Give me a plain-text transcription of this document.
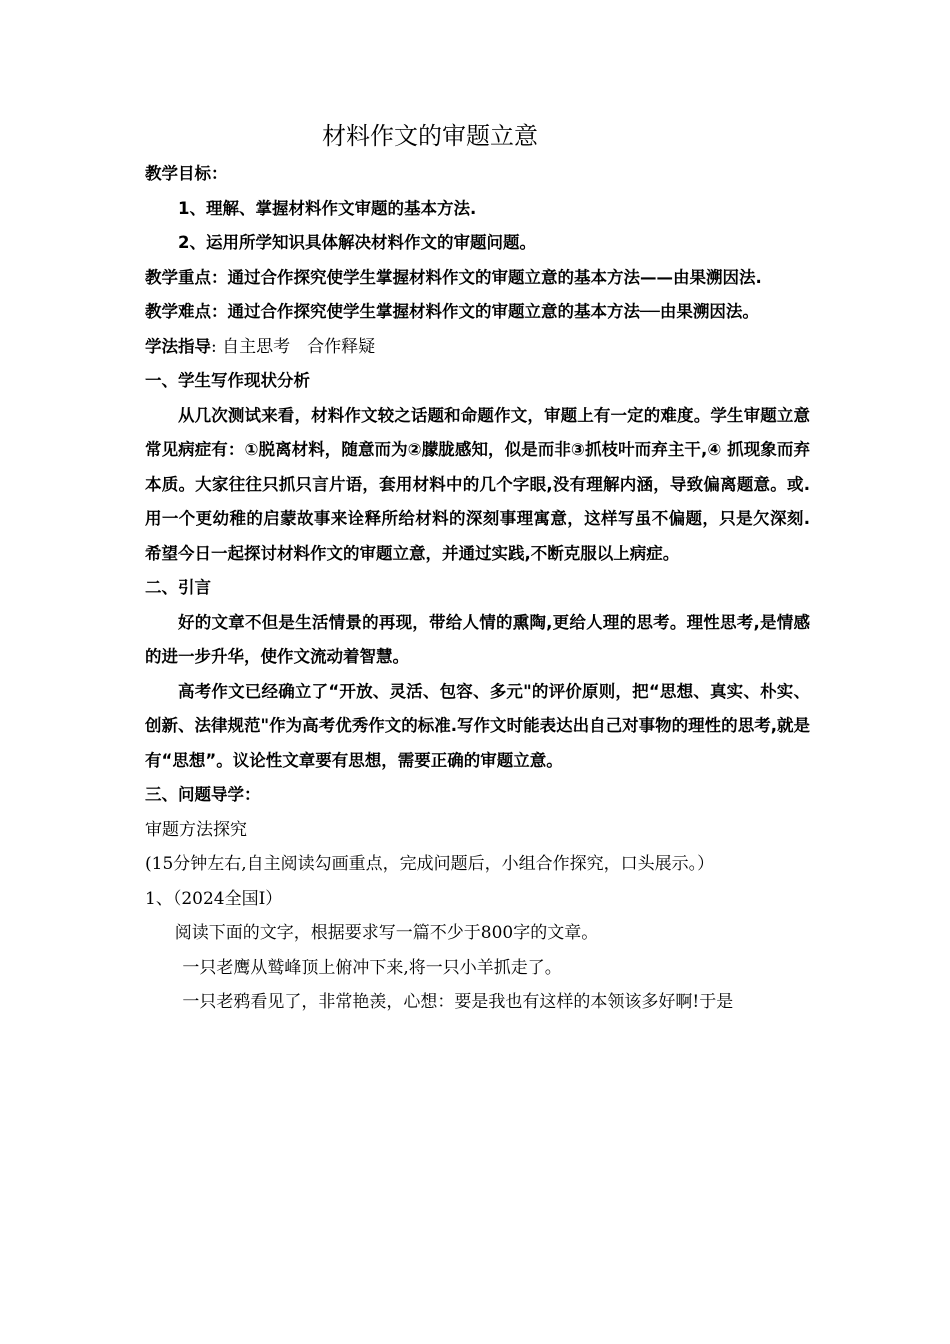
材料作文的审题立意

教学目标：

1、理解、掌握材料作文审题的基本方法.

2、运用所学知识具体解决材料作文的审题问题。

教学重点：通过合作探究使学生掌握材料作文的审题立意的基本方法——由果溯因法.

教学难点：通过合作探究使学生掌握材料作文的审题立意的基本方法──由果溯因法。

学法指导: 自主思考　合作释疑

一、学生写作现状分析

从几次测试来看，材料作文较之话题和命题作文，审题上有一定的难度。学生审题立意常见病症有：①脱离材料，随意而为②朦胧感知，似是而非③抓枝叶而弃主干,④ 抓现象而弃本质。大家往往只抓只言片语，套用材料中的几个字眼,没有理解内涵，导致偏离题意。或.用一个更幼稚的启蒙故事来诠释所给材料的深刻事理寓意，这样写虽不偏题，只是欠深刻.希望今日一起探讨材料作文的审题立意，并通过实践,不断克服以上病症。

二、引言

好的文章不但是生活情景的再现，带给人情的熏陶,更给人理的思考。理性思考,是情感的进一步升华，使作文流动着智慧。

高考作文已经确立了“开放、灵活、包容、多元"的评价原则，把“思想、真实、朴实、创新、法律规范"作为高考优秀作文的标准.写作文时能表达出自己对事物的理性的思考,就是有“思想”。议论性文章要有思想，需要正确的审题立意。

三、问题导学：

审题方法探究

(15分钟左右,自主阅读勾画重点，完成问题后，小组合作探究，口头展示。）

1、（2024全国Ⅰ）

阅读下面的文字，根据要求写一篇不少于800字的文章。

一只老鹰从鹫峰顶上俯冲下来,将一只小羊抓走了。

一只老鸦看见了，非常艳羡，心想：要是我也有这样的本领该多好啊!于是
